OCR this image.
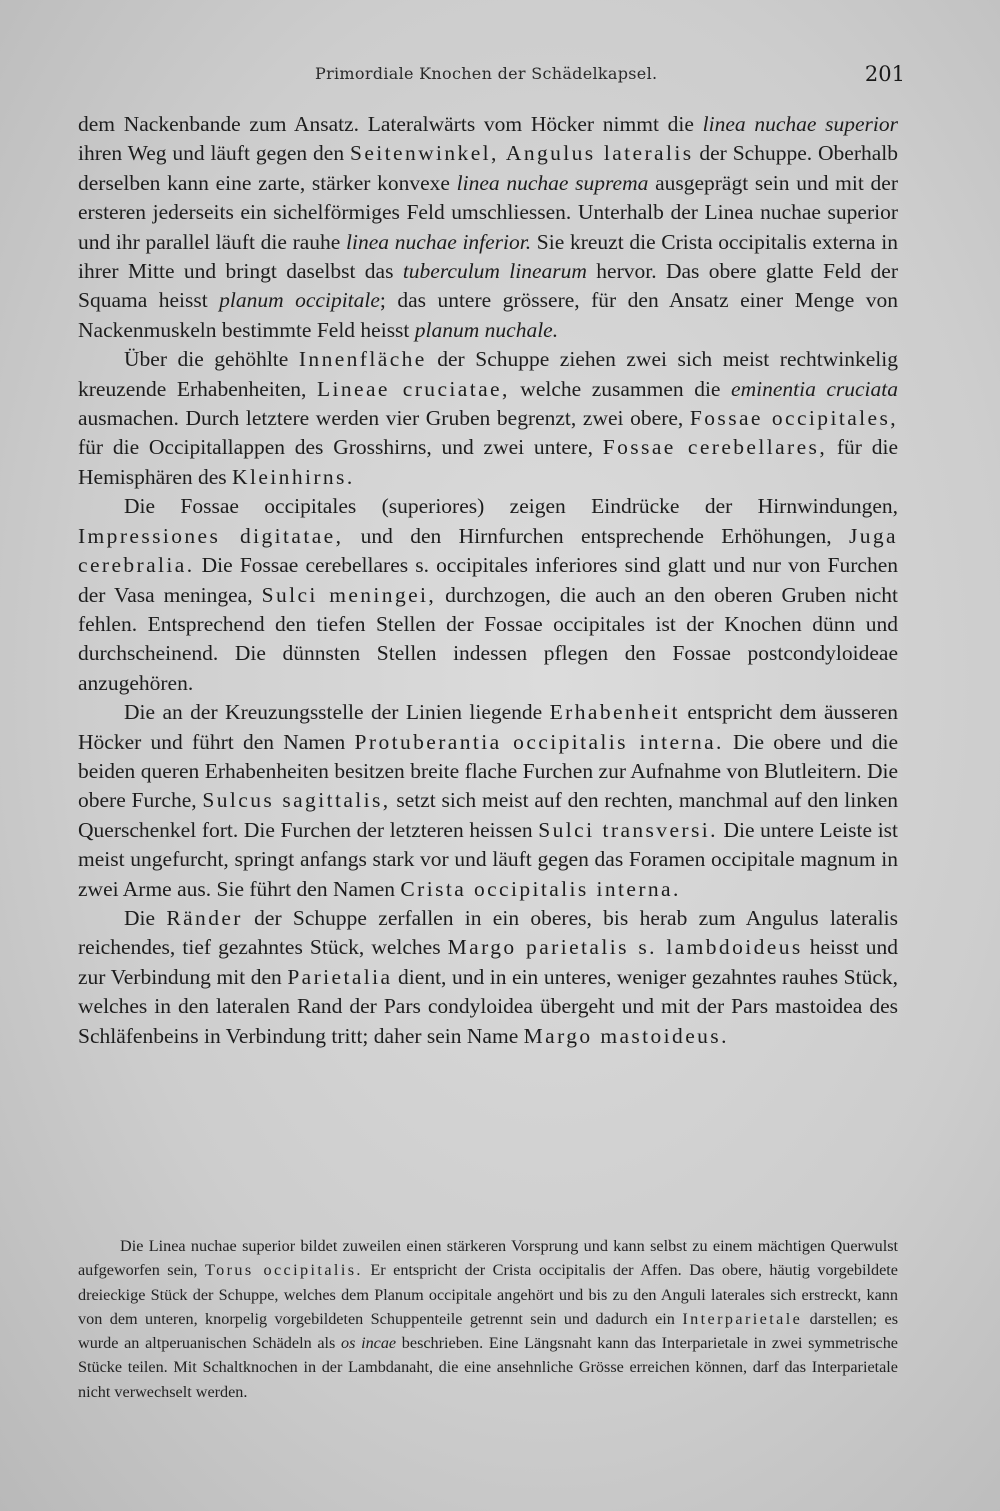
Primordiale Knochen der Schädelkapsel.	201

dem Nackenbande zum Ansatz. Lateralwärts vom Höcker nimmt die linea nuchae superior ihren Weg und läuft gegen den Seitenwinkel, Angulus lateralis der Schuppe. Oberhalb derselben kann eine zarte, stärker konvexe linea nuchae suprema ausgeprägt sein und mit der ersteren jederseits ein sichelförmiges Feld umschliessen. Unterhalb der Linea nuchae superior und ihr parallel läuft die rauhe linea nuchae inferior. Sie kreuzt die Crista occipitalis externa in ihrer Mitte und bringt daselbst das tuberculum linearum hervor. Das obere glatte Feld der Squama heisst planum occipitale; das untere grössere, für den Ansatz einer Menge von Nackenmuskeln bestimmte Feld heisst planum nuchale.

Über die gehöhlte Innenfläche der Schuppe ziehen zwei sich meist rechtwinkelig kreuzende Erhabenheiten, Lineae cruciatae, welche zusammen die eminentia cruciata ausmachen. Durch letztere werden vier Gruben begrenzt, zwei obere, Fossae occipitales, für die Occipitallappen des Grosshirns, und zwei untere, Fossae cerebellares, für die Hemisphären des Kleinhirns.

Die Fossae occipitales (superiores) zeigen Eindrücke der Hirnwindungen, Impressiones digitatae, und den Hirnfurchen entsprechende Erhöhungen, Juga cerebralia. Die Fossae cerebellares s. occipitales inferiores sind glatt und nur von Furchen der Vasa meningea, Sulci meningei, durchzogen, die auch an den oberen Gruben nicht fehlen. Entsprechend den tiefen Stellen der Fossae occipitales ist der Knochen dünn und durchscheinend. Die dünnsten Stellen indessen pflegen den Fossae postcondyloideae anzugehören.

Die an der Kreuzungsstelle der Linien liegende Erhabenheit entspricht dem äusseren Höcker und führt den Namen Protuberantia occipitalis interna. Die obere und die beiden queren Erhabenheiten besitzen breite flache Furchen zur Aufnahme von Blutleitern. Die obere Furche, Sulcus sagittalis, setzt sich meist auf den rechten, manchmal auf den linken Querschenkel fort. Die Furchen der letzteren heissen Sulci transversi. Die untere Leiste ist meist ungefurcht, springt anfangs stark vor und läuft gegen das Foramen occipitale magnum in zwei Arme aus. Sie führt den Namen Crista occipitalis interna.

Die Ränder der Schuppe zerfallen in ein oberes, bis herab zum Angulus lateralis reichendes, tief gezahntes Stück, welches Margo parietalis s. lambdoideus heisst und zur Verbindung mit den Parietalia dient, und in ein unteres, weniger gezahntes rauhes Stück, welches in den lateralen Rand der Pars condyloidea übergeht und mit der Pars mastoidea des Schläfenbeins in Verbindung tritt; daher sein Name Margo mastoideus.

Die Linea nuchae superior bildet zuweilen einen stärkeren Vorsprung und kann selbst zu einem mächtigen Querwulst aufgeworfen sein, Torus occipitalis. Er entspricht der Crista occipitalis der Affen. Das obere, häutig vorgebildete dreieckige Stück der Schuppe, welches dem Planum occipitale angehört und bis zu den Anguli laterales sich erstreckt, kann von dem unteren, knorpelig vorgebildeten Schuppenteile getrennt sein und dadurch ein Interparietale darstellen; es wurde an altperuanischen Schädeln als os incae beschrieben. Eine Längsnaht kann das Interparietale in zwei symmetrische Stücke teilen. Mit Schaltknochen in der Lambdanaht, die eine ansehnliche Grösse erreichen können, darf das Interparietale nicht verwechselt werden.
